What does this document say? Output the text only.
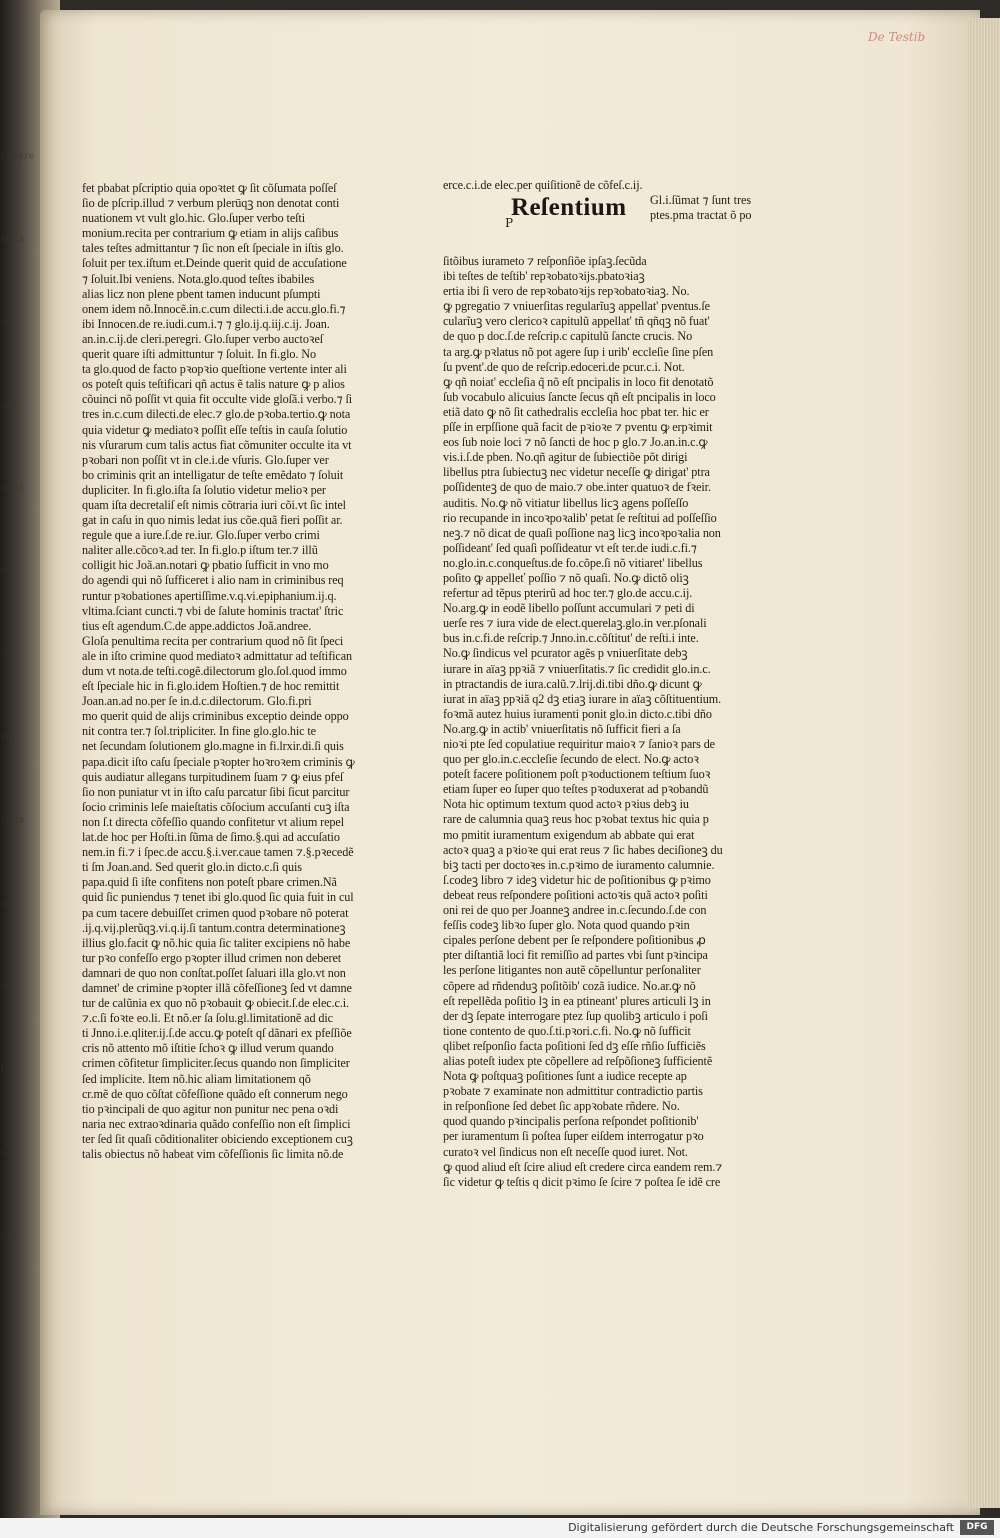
Progre
Nota
re
pre
ratio
ra
ris
Ter
Nota
ri
uri
Do
Cl
per
De Testib

fet pbabat pſcriptio quia opoꝛtet ꝙ ſit cõſumata poſſeſ

ſio de pſcrip.illud ⁊ verbum plerūqꝫ non denotat conti

nuationem vt vult glo.hic. Glo.ſuper verbo teſti

monium.recita per contrarium ꝙ etiam in alijs caſibus

tales teſtes admittantur ⁊ ſic non eſt ſpeciale in iſtis glo.

ſoluit per tex.iſtum et.Deinde querit quid de accuſatione

⁊ ſoluit.Ibi veniens. Nota.glo.quod teſtes ibabiles

alias licz non plene pbent tamen inducunt pſumpti

onem idem nõ.Innocẽ.in.c.cum dilecti.i.de accu.glo.fi.⁊

ibi Innocen.de re.iudi.cum.i.⁊ ⁊ glo.ij.q.iij.c.ij. Joan.

an.in.c.ij.de cleri.peregri. Glo.ſuper verbo auctoꝛeſ

querit quare iſti admittuntur ⁊ ſoluit. In fi.glo. No

ta glo.quod de facto pꝛopꝛio queſtione vertente inter ali

os poteſt quis teſtificari qñ actus ẽ talis nature ꝙ p alios

cõuinci nõ poſſit vt quia fit occulte vide gloſã.i verbo.⁊ ſi

tres in.c.cum dilecti.de elec.⁊ glo.de pꝛoba.tertio.ꝙ nota

quia videtur ꝙ mediatoꝛ poſſit eſſe teſtis in cauſa ſolutio

nis vſurarum cum talis actus fiat cõmuniter occulte ita vt

pꝛobari non poſſit vt in cle.i.de vſuris. Glo.ſuper ver

bo criminis qrit an intelligatur de teſte emẽdato ⁊ ſoluit

dupliciter. In fi.glo.iſta ſa ſolutio videtur melioꝛ per

quam iſta decretaliſ eſt nimis cõtraria iuri cõi.vt ſic intel

gat in caſu in quo nimis ledat ius cõe.quã fieri poſſit ar.

regule que a iure.ſ.de re.iur. Glo.ſuper verbo crimi

naliter alle.cõcoꝛ.ad ter. In fi.glo.p iſtum ter.⁊ illũ

colligit hic Joã.an.notari ꝙ pbatio ſufficit in vno mo

do agendi qui nõ ſufficeret i alio nam in criminibus req

runtur pꝛobationes apertiſſime.v.q.vi.epiphanium.ij.q.

vltima.ſciant cuncti.⁊ vbi de ſalute hominis tractat' ſtric

tius eſt agendum.C.de appe.addictos Joã.andree.

Gloſa penultima recita per contrarium quod nõ ſit ſpeci

ale in iſto crimine quod mediatoꝛ admittatur ad teſtifican

dum vt nota.de teſti.cogẽ.dilectorum glo.ſol.quod immo

eſt ſpeciale hic in fi.glo.idem Hoſtien.⁊ de hoc remittit

Joan.an.ad no.per ſe in.d.c.dilectorum. Glo.fi.pri

mo querit quid de alijs criminibus exceptio deinde oppo

nit contra ter.⁊ ſol.tripliciter. In fine glo.glo.hic te

net ſecundam ſolutionem glo.magne in fi.lrxir.di.ſi quis

papa.dicit iſto caſu ſpeciale pꝛopter hoꝛroꝛem criminis ꝙ

quis audiatur allegans turpitudinem ſuam ⁊ ꝙ eius pfeſ

ſio non puniatur vt in iſto caſu parcatur ſibi ſicut parcitur

ſocio criminis leſe maieſtatis cõſocium accuſanti cuꝫ iſta

non ſ.t directa cõfeſſio quando confitetur vt alium repel

lat.de hoc per Hoſti.in ſũma de ſimo.§.qui ad accuſatio

nem.in fi.⁊ i ſpec.de accu.§.i.ver.caue tamen ⁊.§.pꝛecedẽ

ti ſm Joan.and. Sed querit glo.in dicto.c.ſi quis

papa.quid ſi iſte confitens non poteſt pbare crimen.Nã

quid ſic puniendus ⁊ tenet ibi glo.quod ſic quia fuit in cul

pa cum tacere debuiſſet crimen quod pꝛobare nõ poterat

.ij.q.vij.plerũqꝫ.vi.q.ij.ſi tantum.contra determinationeꝫ

illius glo.facit ꝙ nõ.hic quia ſic taliter excipiens nõ habe

tur pꝛo confeſſo ergo pꝛopter illud crimen non deberet

damnari de quo non conſtat.poſſet ſaluari illa glo.vt non

damnet' de crimine pꝛopter illã cõfeſſioneꝫ ſed vt damne

tur de calũnia ex quo nõ pꝛobauit ꝙ obiecit.ſ.de elec.c.i.

⁊.c.ſi foꝛte eo.li. Et nõ.er ſa ſolu.gl.limitationẽ ad dic

ti Jnno.i.e.qliter.ij.ſ.de accu.ꝙ poteſt qſ dãnari ex pfeſſiõe

cris nõ attento mõ iſtitie ſchoꝛ ꝙ illud verum quando

crimen cõfitetur ſimpliciter.ſecus quando non ſimpliciter

ſed implicite. Item nõ.hic aliam limitationem qõ

cr.mẽ de quo cõſtat cõfeſſione quãdo eſt connerum nego

tio pꝛincipali de quo agitur non punitur nec pena oꝛdi

naria nec extraoꝛdinaria quãdo confeſſio non eſt ſimplici

ter ſed ſit quaſi cõditionaliter obiciendo exceptionem cuꝫ

talis obiectus nõ habeat vim cõfeſſionis ſic limita nõ.de

erce.c.i.de elec.per quiſitionẽ de cõfeſ.c.ij.

P
Reſentium Gl.i.ſũmat ⁊ ſunt tres

ptes.pma tractat õ po

ſitõibus iurameto ⁊ reſponſiõe ipſaꝫ.ſecũda

ibi teſtes de teſtib' repꝛobatoꝛijs.pbatoꝛiaꝫ

ertia ibi ſi vero de repꝛobatoꝛijs repꝛobatoꝛiaꝫ. No.

ꝙ pgregatio ⁊ vniuerſitas regularĩuꝫ appellat' pventus.ſe

cularĩuꝫ vero clericoꝛ capitulũ appellat' tñ qñqꝫ nõ fuat'

de quo p doc.ſ.de reſcrip.c capitulũ ſancte crucis. No

ta arg.ꝙ pꝛlatus nõ pot agere ſup i urib' eccleſie ſine pſen

ſu pvent'.de quo de reſcrip.edoceri.de pcur.c.i. Not.

ꝙ qñ noiat' eccleſia q̃ nõ eſt pncipalis in loco fit denotatõ

ſub vocabulo alicuius ſancte ſecus qñ eſt pncipalis in loco

etiã dato ꝙ nõ ſit cathedralis eccleſia hoc pbat ter. hic er

pſſe in erpſſione quã facit de pꝛioꝛe ⁊ pventu ꝙ erpꝛimit

eos ſub noie loci ⁊ nõ ſancti de hoc p glo.⁊ Jo.an.in.c.ꝙ

vis.i.ſ.de pben. No.qñ agitur de ſubiectiõe põt dirigi

libellus ptra ſubiectuꝫ nec videtur neceſſe ꝙ dirigat' ptra

poſſidenteꝫ de quo de maio.⁊ obe.inter quatuoꝛ de fꝛeir.

auditis. No.ꝙ nõ vitiatur libellus licꝫ agens poſſeſſo

rio recupande in incoꝛpoꝛalib' petat ſe reſtitui ad poſſeſſio

neꝫ.⁊ nõ dicat de quaſi poſſione naꝫ licꝫ incoꝛpoꝛalia non

poſſideant' ſed quaſi poſſideatur vt eſt ter.de iudi.c.fi.⁊

no.glo.in.c.conqueſtus.de fo.cõpe.ſi nõ vitiaret' libellus

poſito ꝙ appelleť poſſio ⁊ nõ quaſi. No.ꝙ dictõ oliꝫ

refertur ad tẽpus pterirũ ad hoc ter.⁊ glo.de accu.c.ij.

No.arg.ꝙ in eodẽ libello poſſunt accumulari ⁊ peti di

uerſe res ⁊ iura vide de elect.querelaꝫ.glo.in ver.pſonali

bus in.c.fi.de reſcrip.⁊ Jnno.in.c.cõſtitut' de reſti.i inte.

No.ꝙ ſindicus vel pcurator agẽs p vniuerſitate debꝫ

iurare in aïaꝫ ppꝛiã ⁊ vniuerſitatis.⁊ ſic credidit glo.in.c.

in ptractandis de iura.calũ.⁊.lrij.di.tibi dño.ꝙ dicunt ꝙ

iurat in aïaꝫ ppꝛiã q2 dꝫ etiaꝫ iurare in aïaꝫ cõſtituentium.

foꝛmã autez huius iuramenti ponit glo.in dicto.c.tibi dño

No.arg.ꝙ in actib' vniuerſitatis nõ ſufficit fieri a ſa

nioꝛi pte ſed copulatiue requiritur maioꝛ ⁊ ſanioꝛ pars de

quo per glo.in.c.eccleſie ſecundo de elect. No.ꝙ actoꝛ

poteſt facere poſitionem poſt pꝛoductionem teſtium ſuoꝛ

etiam ſuper eo ſuper quo teſtes pꝛoduxerat ad pꝛobandũ

Nota hic optimum textum quod actoꝛ pꝛius debꝫ iu

rare de calumnia quaꝫ reus hoc pꝛobat textus hic quia p

mo pmitit iuramentum exigendum ab abbate qui erat

actoꝛ quaꝫ a pꝛioꝛe qui erat reus ⁊ ſic habes deciſioneꝫ du

biꝫ tacti per doctoꝛes in.c.pꝛimo de iuramento calumnie.

ſ.codeꝫ libro ⁊ ideꝫ videtur hic de poſitionibus ꝙ pꝛimo

debeat reus reſpondere poſitioni actoꝛis quã actoꝛ poſiti

oni rei de quo per Joanneꝫ andree in.c.ſecundo.ſ.de con

feſſis codeꝫ libꝛo ſuper glo. Nota quod quando pꝛin

cipales perſone debent per ſe reſpondere poſitionibus ꝓ

pter diſtantiã loci fit remiſſio ad partes vbi ſunt pꝛincipa

les perſone litigantes non autẽ cõpelluntur perſonaliter

cõpere ad rñdenduꝫ poſitõib' cozã iudice. No.ar.ꝙ nõ

eſt repellẽda poſitio lꝫ in ea ptineant' plures articuli lꝫ in

der dꝫ ſepate interrogare ptez ſup quolibꝫ articulo i poſi

tione contento de quo.ſ.ti.pꝛori.c.fi. No.ꝙ nõ ſufficit

qlibet reſponſio facta poſitioni ſed dꝫ eſſe rñſio ſufficiẽs

alias poteſt iudex pte cõpellere ad reſpõſioneꝫ ſufficientẽ

Nota ꝙ poſtquaꝫ poſitiones ſunt a iudice recepte ap

pꝛobate ⁊ examinate non admittitur contradictio partis

in reſponſione ſed debet ſic appꝛobate rñdere. No.

quod quando pꝛincipalis perſona reſpondet poſitionib'

per iuramentum ſi poſtea ſuper eiſdem interrogatur pꝛo

curatoꝛ vel ſindicus non eſt neceſſe quod iuret. Not.

ꝙ quod aliud eſt ſcire aliud eſt credere circa eandem rem.⁊

ſic videtur ꝙ teſtis q dicit pꝛimo ſe ſcire ⁊ poſtea ſe idẽ cre

Digitalisierung gefördert durch die Deutsche Forschungsgemeinschaft	DFG
